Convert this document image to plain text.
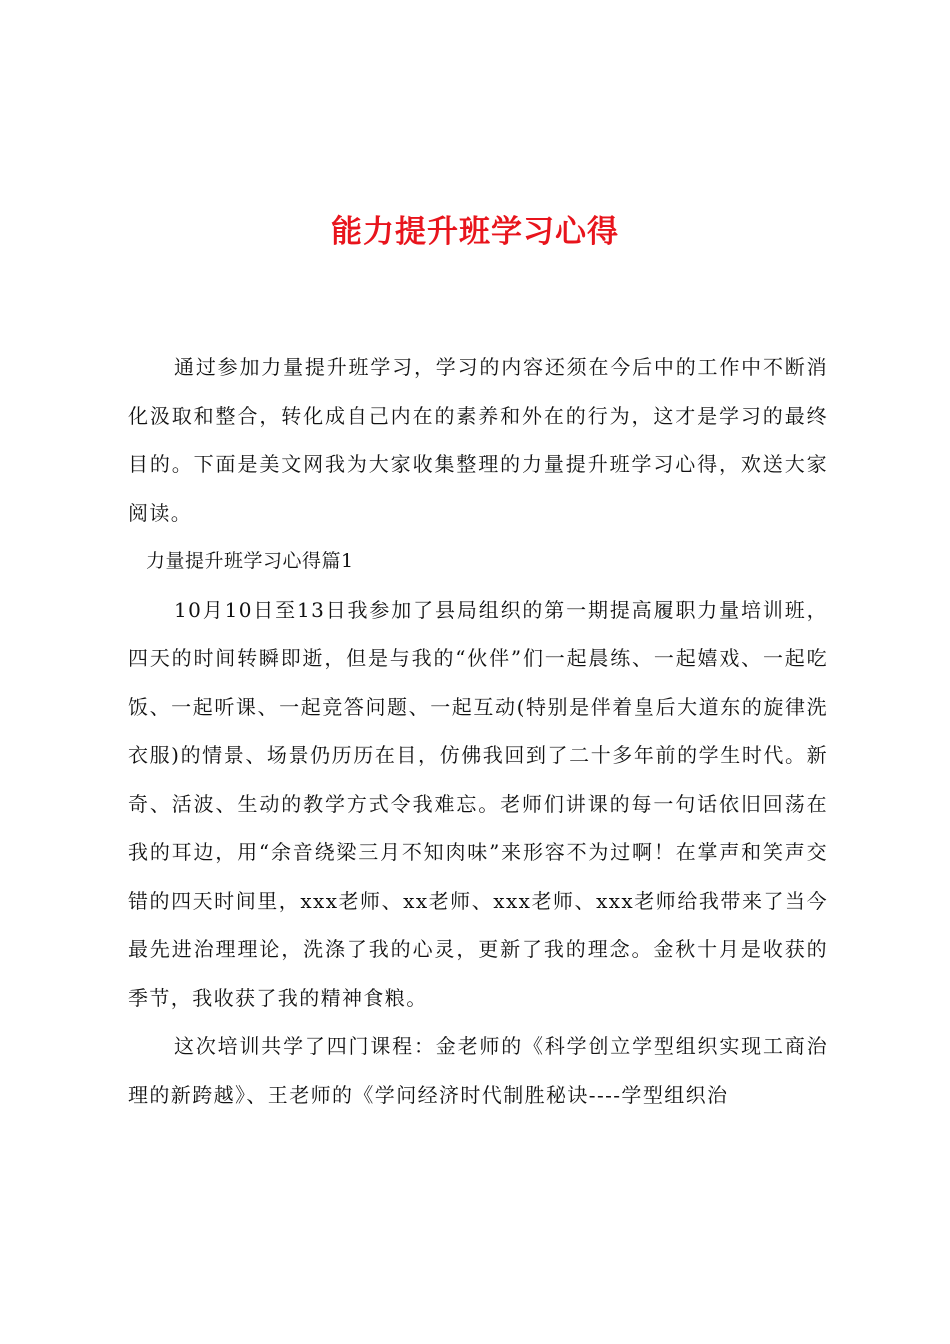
能力提升班学习心得

通过参加力量提升班学习，学习的内容还须在今后中的工作中不断消化汲取和整合，转化成自己内在的素养和外在的行为，这才是学习的最终目的。下面是美文网我为大家收集整理的力量提升班学习心得，欢送大家阅读。

力量提升班学习心得篇1

10月10日至13日我参加了县局组织的第一期提高履职力量培训班，四天的时间转瞬即逝，但是与我的“伙伴”们一起晨练、一起嬉戏、一起吃饭、一起听课、一起竞答问题、一起互动(特别是伴着皇后大道东的旋律洗衣服)的情景、场景仍历历在目，仿佛我回到了二十多年前的学生时代。新奇、活波、生动的教学方式令我难忘。老师们讲课的每一句话依旧回荡在我的耳边，用“余音绕梁三月不知肉味”来形容不为过啊！在掌声和笑声交错的四天时间里，xxx老师、xx老师、xxx老师、xxx老师给我带来了当今最先进治理理论，洗涤了我的心灵，更新了我的理念。金秋十月是收获的季节，我收获了我的精神食粮。

这次培训共学了四门课程：金老师的《科学创立学型组织实现工商治理的新跨越》、王老师的《学问经济时代制胜秘诀----学型组织治
